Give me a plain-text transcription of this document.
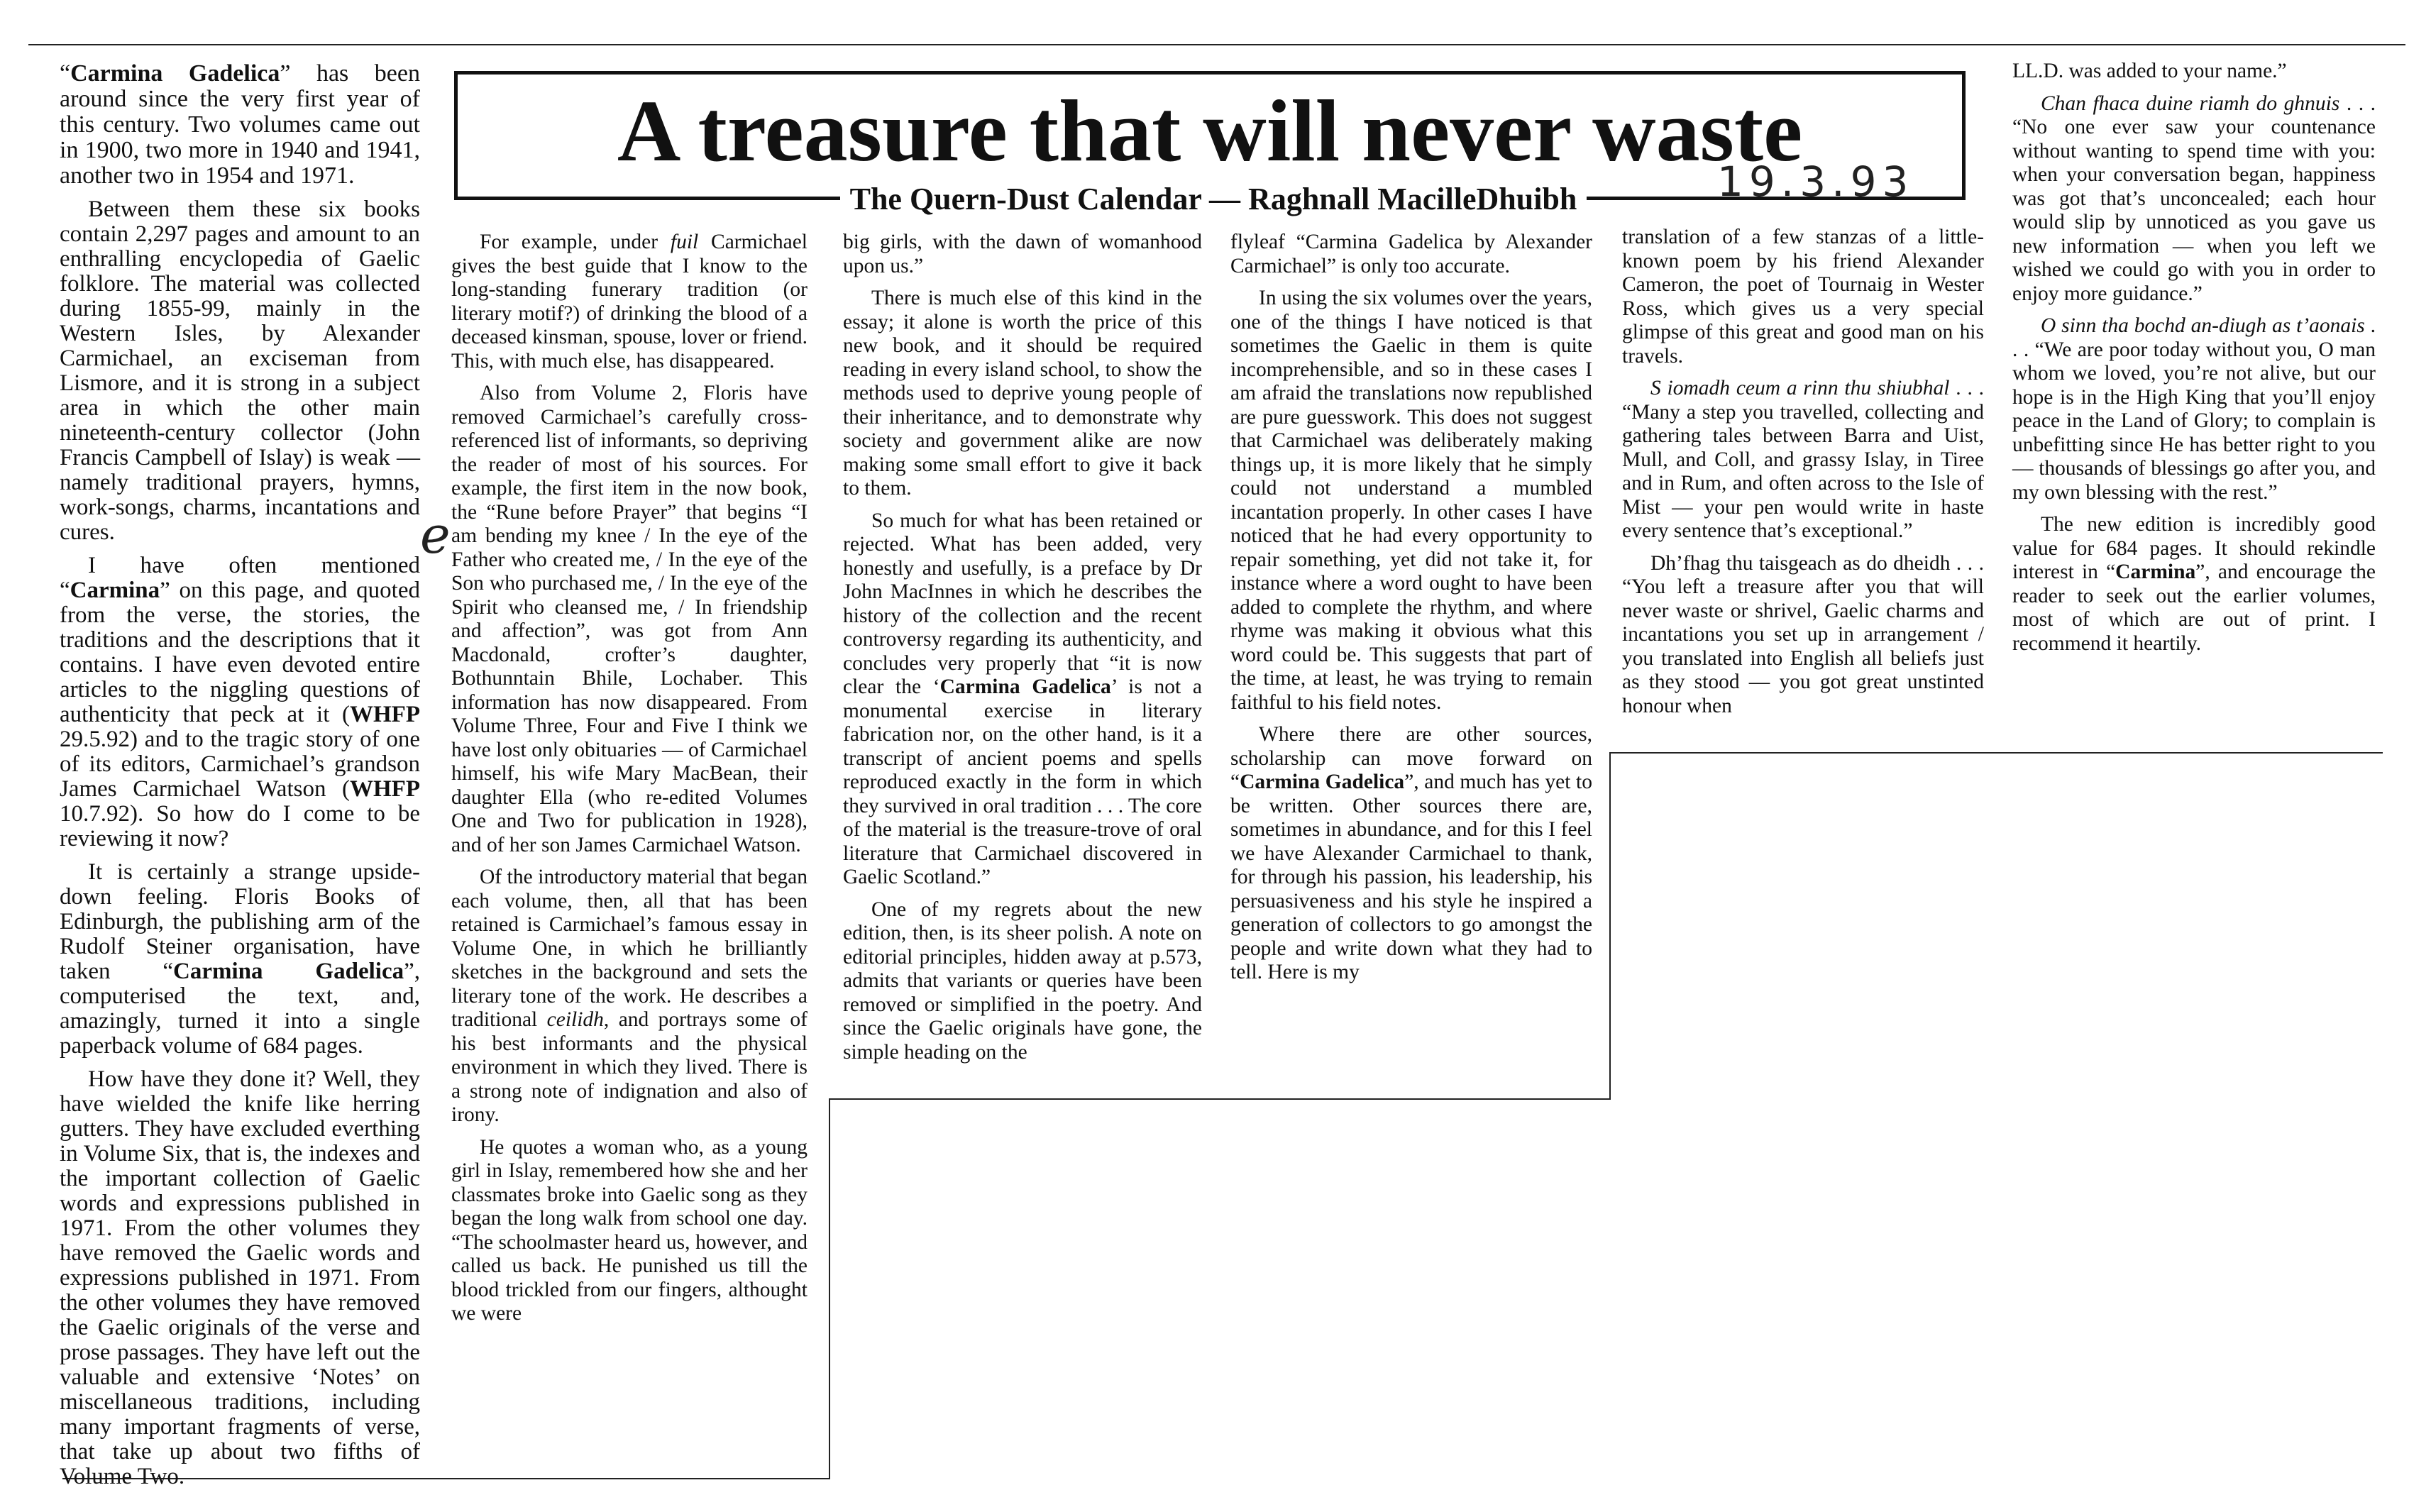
A treasure that will never waste
The Quern-Dust Calendar — Raghnall MacilleDhuibh	19.3.93
e

“Carmina Gadelica” has been around since the very first year of this century. Two volumes came out in 1900, two more in 1940 and 1941, another two in 1954 and 1971.

Between them these six books contain 2,297 pages and amount to an enthralling encyclopedia of Gaelic folklore. The material was collected during 1855-99, mainly in the Western Isles, by Alexander Carmichael, an exciseman from Lismore, and it is strong in a subject area in which the other main nineteenth-century collector (John Francis Campbell of Islay) is weak — namely traditional prayers, hymns, work-songs, charms, incantations and cures.

I have often mentioned “Carmina” on this page, and quoted from the verse, the stories, the traditions and the descriptions that it contains. I have even devoted entire articles to the niggling questions of authenticity that peck at it (WHFP 29.5.92) and to the tragic story of one of its editors, Carmichael’s grandson James Carmichael Watson (WHFP 10.7.92). So how do I come to be reviewing it now?

It is certainly a strange upside-down feeling. Floris Books of Edinburgh, the publishing arm of the Rudolf Steiner organisation, have taken “Carmina Gadelica”, computerised the text, and, amazingly, turned it into a single paperback volume of 684 pages.

How have they done it? Well, they have wielded the knife like herring gutters. They have excluded everthing in Volume Six, that is, the indexes and the important collection of Gaelic words and expressions published in 1971. From the other volumes they have removed the Gaelic words and expressions published in 1971. From the other volumes they have removed the Gaelic originals of the verse and prose passages. They have left out the valuable and extensive ‘Notes’ on miscellaneous traditions, including many important fragments of verse, that take up about two fifths of Volume Two.

For example, under fuil Carmichael gives the best guide that I know to the long-standing funerary tradition (or literary motif?) of drinking the blood of a deceased kinsman, spouse, lover or friend. This, with much else, has disappeared.

Also from Volume 2, Floris have removed Carmichael’s carefully cross-referenced list of informants, so depriving the reader of most of his sources. For example, the first item in the now book, the “Rune before Prayer” that begins “I am bending my knee / In the eye of the Father who created me, / In the eye of the Son who purchased me, / In the eye of the Spirit who cleansed me, / In friendship and affection”, was got from Ann Macdonald, crofter’s daughter, Bothunntain Bhile, Lochaber. This information has now disappeared. From Volume Three, Four and Five I think we have lost only obituaries — of Carmichael himself, his wife Mary MacBean, their daughter Ella (who re-edited Volumes One and Two for publication in 1928), and of her son James Carmichael Watson.

Of the introductory material that began each volume, then, all that has been retained is Carmichael’s famous essay in Volume One, in which he brilliantly sketches in the background and sets the literary tone of the work. He describes a traditional ceilidh, and portrays some of his best informants and the physical environment in which they lived. There is a strong note of indignation and also of irony.

He quotes a woman who, as a young girl in Islay, remembered how she and her classmates broke into Gaelic song as they began the long walk from school one day. “The schoolmaster heard us, however, and called us back. He punished us till the blood trickled from our fingers, althought we were

big girls, with the dawn of womanhood upon us.”

There is much else of this kind in the essay; it alone is worth the price of this new book, and it should be required reading in every island school, to show the methods used to deprive young people of their inheritance, and to demonstrate why society and government alike are now making some small effort to give it back to them.

So much for what has been retained or rejected. What has been added, very honestly and usefully, is a preface by Dr John MacInnes in which he describes the history of the collection and the recent controversy regarding its authenticity, and concludes very properly that “it is now clear the ‘Carmina Gadelica’ is not a monumental exercise in literary fabrication nor, on the other hand, is it a transcript of ancient poems and spells reproduced exactly in the form in which they survived in oral tradition . . . The core of the material is the treasure-trove of oral literature that Carmichael discovered in Gaelic Scotland.”

One of my regrets about the new edition, then, is its sheer polish. A note on editorial principles, hidden away at p.573, admits that variants or queries have been removed or simplified in the poetry. And since the Gaelic originals have gone, the simple heading on the

flyleaf “Carmina Gadelica by Alexander Carmichael” is only too accurate.

In using the six volumes over the years, one of the things I have noticed is that sometimes the Gaelic in them is quite incomprehensible, and so in these cases I am afraid the translations now republished are pure guesswork. This does not suggest that Carmichael was deliberately making things up, it is more likely that he simply could not understand a mumbled incantation properly. In other cases I have noticed that he had every opportunity to repair something, yet did not take it, for instance where a word ought to have been added to complete the rhythm, and where rhyme was making it obvious what this word could be. This suggests that part of the time, at least, he was trying to remain faithful to his field notes.

Where there are other sources, scholarship can move forward on “Carmina Gadelica”, and much has yet to be written. Other sources there are, sometimes in abundance, and for this I feel we have Alexander Carmichael to thank, for through his passion, his leadership, his persuasiveness and his style he inspired a generation of collectors to go amongst the people and write down what they had to tell. Here is my

translation of a few stanzas of a little-known poem by his friend Alexander Cameron, the poet of Tournaig in Wester Ross, which gives us a very special glimpse of this great and good man on his travels.

S iomadh ceum a rinn thu shiubhal . . . “Many a step you travelled, collecting and gathering tales between Barra and Uist, Mull, and Coll, and grassy Islay, in Tiree and in Rum, and often across to the Isle of Mist — your pen would write in haste every sentence that’s exceptional.”

Dh’fhag thu taisgeach as do dheidh . . . “You left a treasure after you that will never waste or shrivel, Gaelic charms and incantations you set up in arrangement / you translated into English all beliefs just as they stood — you got great unstinted honour when

LL.D. was added to your name.”

Chan fhaca duine riamh do ghnuis . . . “No one ever saw your countenance without wanting to spend time with you: when your conversation began, happiness was got that’s unconcealed; each hour would slip by unnoticed as you gave us new information — when you left we wished we could go with you in order to enjoy more guidance.”

O sinn tha bochd an-diugh as t’aonais . . . “We are poor today without you, O man whom we loved, you’re not alive, but our hope is in the High King that you’ll enjoy peace in the Land of Glory; to complain is unbefitting since He has better right to you — thousands of blessings go after you, and my own blessing with the rest.”

The new edition is incredibly good value for 684 pages. It should rekindle interest in “Carmina”, and encourage the reader to seek out the earlier volumes, most of which are out of print. I recommend it heartily.
